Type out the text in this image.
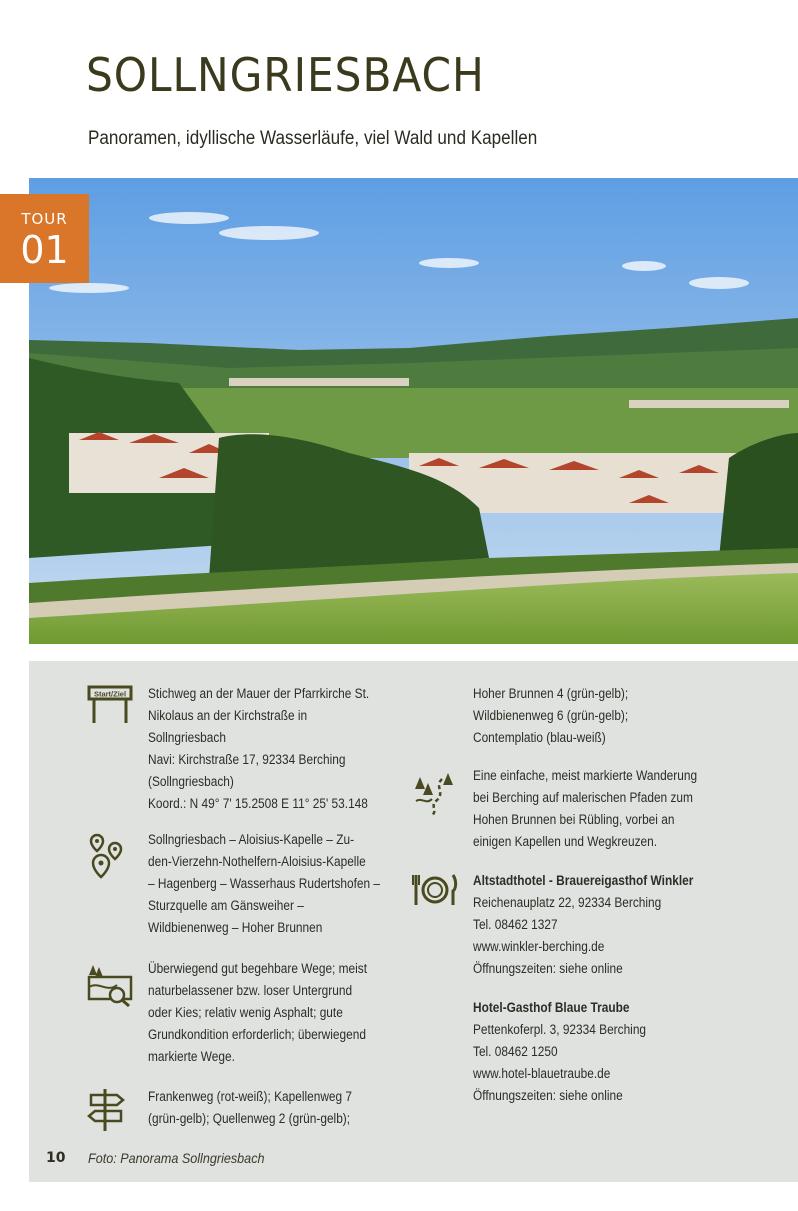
SOLLNGRIESBACH

Panoramen, idyllische Wasserläufe, viel Wald und Kapellen

TOUR
01
Start/Ziel Stichweg an der Mauer der Pfarrkirche St.
Nikolaus an der Kirchstraße in
Sollngriesbach
Navi: Kirchstraße 17, 92334 Berching
(Sollngriesbach)
Koord.: N 49° 7' 15.2508 E 11° 25' 53.148
Sollngriesbach – Aloisius-Kapelle – Zu-
den-Vierzehn-Nothelfern-Aloisius-Kapelle
– Hagenberg – Wasserhaus Rudertshofen –
Sturzquelle am Gänsweiher –
Wildbienenweg – Hoher Brunnen
Überwiegend gut begehbare Wege; meist
naturbelassener bzw. loser Untergrund
oder Kies; relativ wenig Asphalt; gute
Grundkondition erforderlich; überwiegend
markierte Wege.
Frankenweg (rot-weiß); Kapellenweg 7
(grün-gelb); Quellenweg 2 (grün-gelb);
Hoher Brunnen 4 (grün-gelb);
Wildbienenweg 6 (grün-gelb);
Contemplatio (blau-weiß)
Eine einfache, meist markierte Wanderung
bei Berching auf malerischen Pfaden zum
Hohen Brunnen bei Rübling, vorbei an
einigen Kapellen und Wegkreuzen.
Altstadthotel - Brauereigasthof Winkler
Reichenauplatz 22, 92334 Berching
Tel. 08462 1327
www.winkler-berching.de
Öffnungszeiten: siehe online
Hotel-Gasthof Blaue Traube
Pettenkoferpl. 3, 92334 Berching
Tel. 08462 1250
www.hotel-blauetraube.de
Öffnungszeiten: siehe online
10 Foto: Panorama Sollngriesbach
